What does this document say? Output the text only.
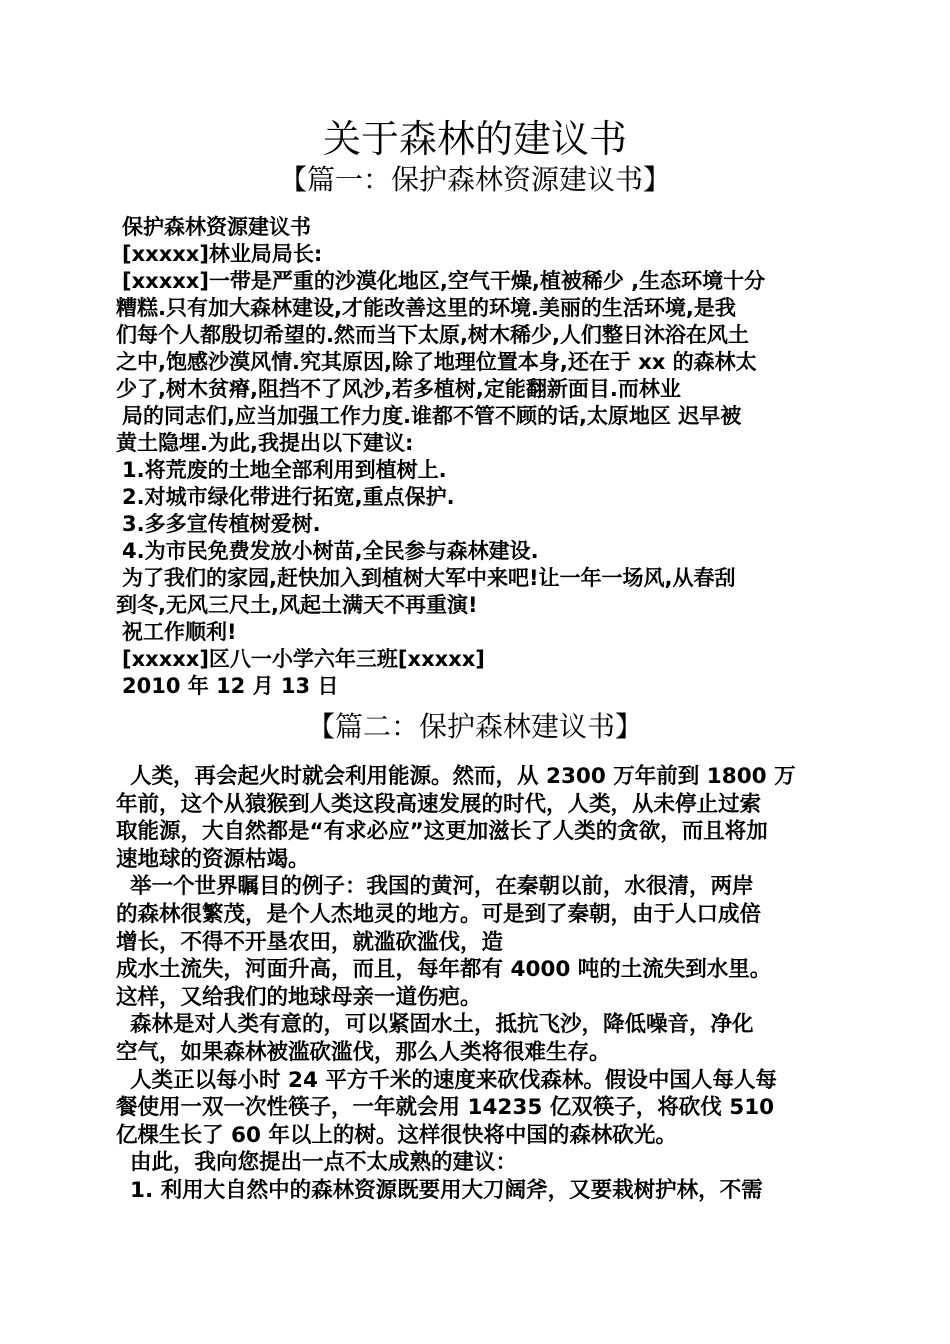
关于森林的建议书
【篇一：保护森林资源建议书】
保护森林资源建议书
[xxxxx]林业局局长:
[xxxxx]一带是严重的沙漠化地区,空气干燥,植被稀少 ,生态环境十分
糟糕.只有加大森林建设,才能改善这里的环境.美丽的生活环境,是我
们每个人都殷切希望的.然而当下太原,树木稀少,人们整日沐浴在风土
之中,饱感沙漠风情.究其原因,除了地理位置本身,还在于 xx 的森林太
少了,树木贫瘠,阻挡不了风沙,若多植树,定能翻新面目.而林业
局的同志们,应当加强工作力度.谁都不管不顾的话,太原地区 迟早被
黄土隐埋.为此,我提出以下建议:
1.将荒废的土地全部利用到植树上.
2.对城市绿化带进行拓宽,重点保护.
3.多多宣传植树爱树.
4.为市民免费发放小树苗,全民参与森林建设.
为了我们的家园,赶快加入到植树大军中来吧!让一年一场风,从春刮
到冬,无风三尺土,风起土满天不再重演!
祝工作顺利!
[xxxxx]区八一小学六年三班[xxxxx]
2010 年 12 月 13 日
【篇二：保护森林建议书】
人类，再会起火时就会利用能源。然而，从 2300 万年前到 1800 万
年前，这个从猿猴到人类这段高速发展的时代，人类，从未停止过索
取能源，大自然都是“有求必应”这更加滋长了人类的贪欲，而且将加
速地球的资源枯竭。
举一个世界瞩目的例子：我国的黄河，在秦朝以前，水很清，两岸
的森林很繁茂，是个人杰地灵的地方。可是到了秦朝，由于人口成倍
增长，不得不开垦农田，就滥砍滥伐，造
成水土流失，河面升高，而且，每年都有 4000 吨的土流失到水里。
这样，又给我们的地球母亲一道伤疤。
森林是对人类有意的，可以紧固水土，抵抗飞沙，降低噪音，净化
空气，如果森林被滥砍滥伐，那么人类将很难生存。
人类正以每小时 24 平方千米的速度来砍伐森林。假设中国人每人每
餐使用一双一次性筷子，一年就会用 14235 亿双筷子，将砍伐 510
亿棵生长了 60 年以上的树。这样很快将中国的森林砍光。
由此，我向您提出一点不太成熟的建议：
1. 利用大自然中的森林资源既要用大刀阔斧，又要栽树护林，不需
